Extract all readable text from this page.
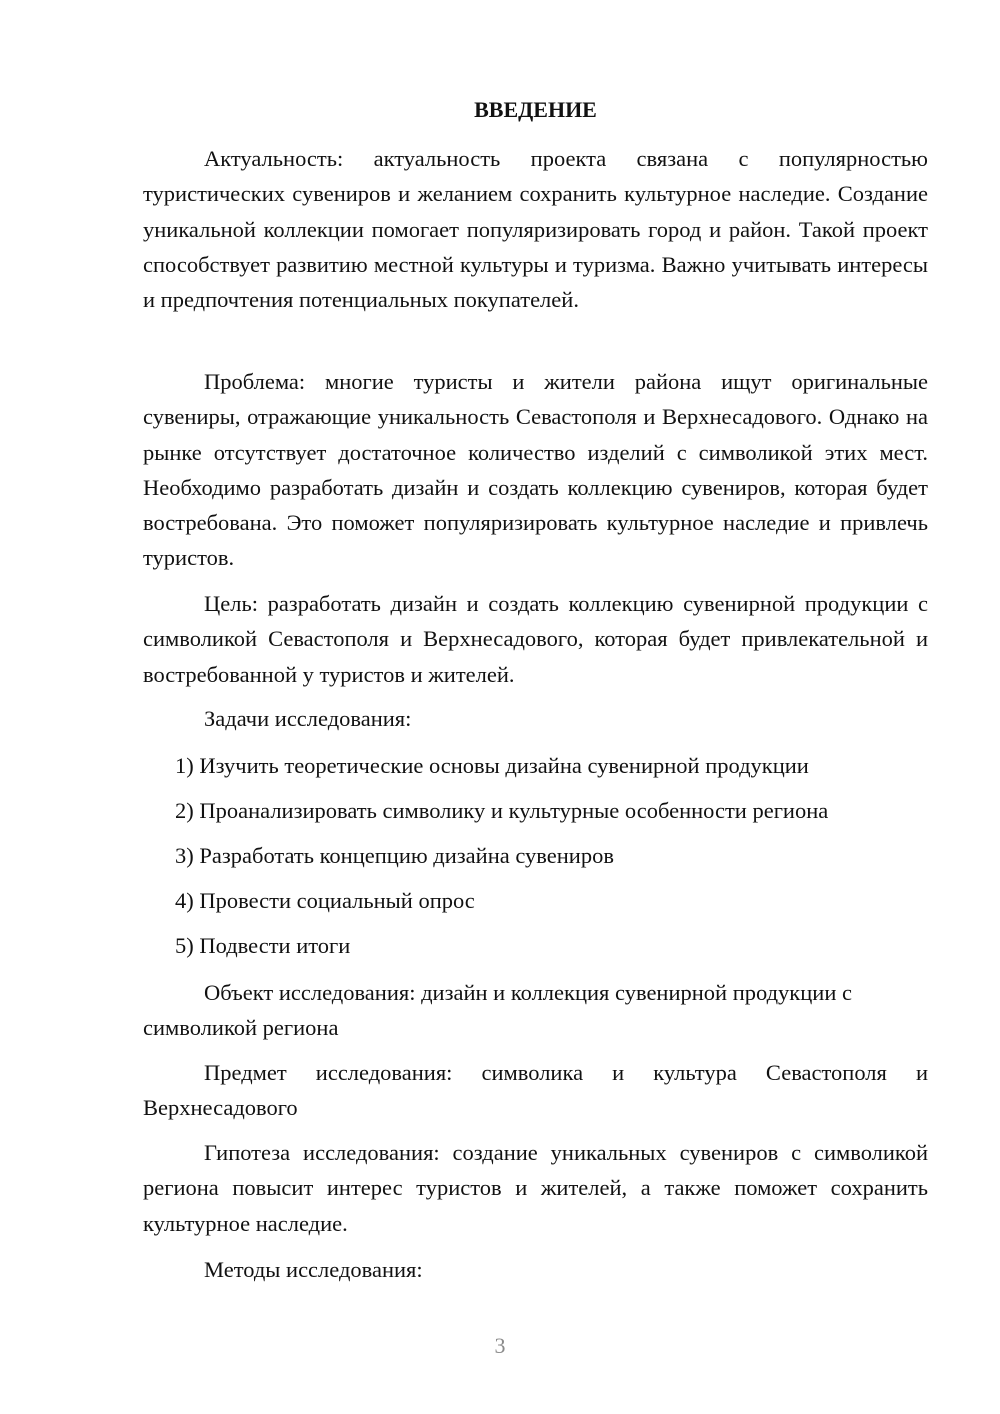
ВВЕДЕНИЕ

Актуальность: актуальность проекта связана с популярностью туристических сувениров и желанием сохранить культурное наследие. Создание уникальной коллекции помогает популяризировать город и район. Такой проект способствует развитию местной культуры и туризма. Важно учитывать интересы и предпочтения потенциальных покупателей.

Проблема: многие туристы и жители района ищут оригинальные сувениры, отражающие уникальность Севастополя и Верхнесадового. Однако на рынке отсутствует достаточное количество изделий с символикой этих мест. Необходимо разработать дизайн и создать коллекцию сувениров, которая будет востребована. Это поможет популяризировать культурное наследие и привлечь туристов.

Цель: разработать дизайн и создать коллекцию сувенирной продукции с символикой Севастополя и Верхнесадового, которая будет привлекательной и востребованной у туристов и жителей.

Задачи исследования:

1) Изучить теоретические основы дизайна сувенирной продукции
2) Проанализировать символику и культурные особенности региона
3) Разработать концепцию дизайна сувениров
4) Провести социальный опрос
5) Подвести итоги

Объект исследования: дизайн и коллекция сувенирной продукции с символикой региона

Предмет исследования: символика и культура Севастополя и Верхнесадового

Гипотеза исследования: создание уникальных сувениров с символикой региона повысит интерес туристов и жителей, а также поможет сохранить культурное наследие.

Методы исследования:

3
